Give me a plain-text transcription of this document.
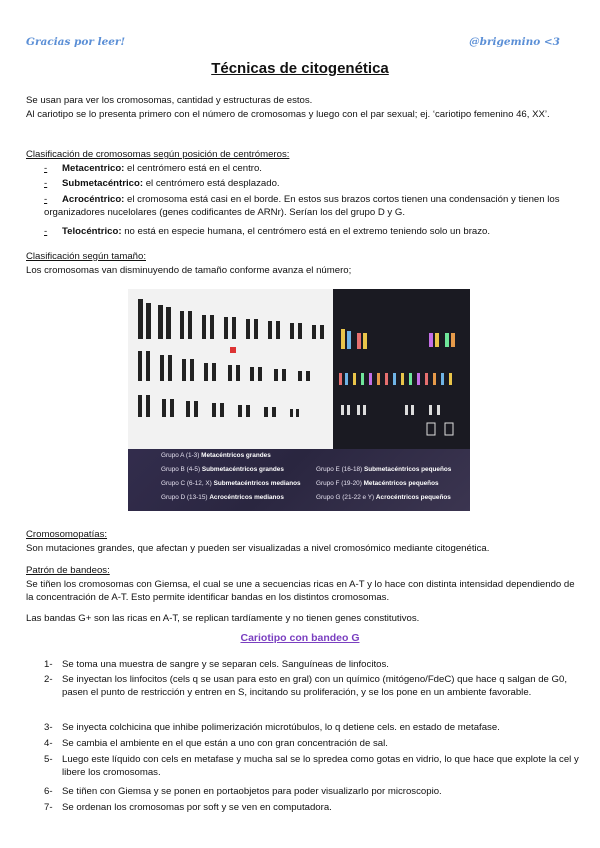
Gracias por leer!	@brigemino <3
Técnicas de citogenética
Se usan para ver los cromosomas, cantidad y estructuras de estos.
Al cariotipo se lo presenta primero con el número de cromosomas y luego con el par sexual; ej. ‘cariotipo femenino 46, XX’.
Clasificación de cromosomas según posición de centrómeros:
- Metacentrico: el centrómero está en el centro.
- Submetacéntrico: el centrómero está desplazado.
- Acrocéntrico: el cromosoma está casi en el borde. En estos sus brazos cortos tienen una condensación y tienen los organizadores nucelolares (genes codificantes de ARNr). Serían los del grupo D y G.
- Telocéntrico: no está en especie humana, el centrómero está en el extremo teniendo solo un brazo.
Clasificación según tamaño:
Los cromosomas van disminuyendo de tamaño conforme avanza el número;
Grupo A (1-3) Metacéntricos grandes
Grupo B (4-5) Submetacéntricos grandes
Grupo C (6-12, X) Submetacéntricos medianos
Grupo D (13-15) Acrocéntricos medianos
Grupo E (16-18) Submetacéntricos pequeños
Grupo F (19-20) Metacéntricos pequeños
Grupo G (21-22 e Y) Acrocéntricos pequeños
Cromosomopatías:
Son mutaciones grandes, que afectan y pueden ser visualizadas a nivel cromosómico mediante citogenética.
Patrón de bandeos:
Se tiñen los cromosomas con Giemsa, el cual se une a secuencias ricas en A-T y lo hace con distinta intensidad dependiendo de la concentración de A-T. Esto permite identificar bandas en los distintos cromosomas.
Las bandas G+ son las ricas en A-T, se replican tardíamente y no tienen genes constitutivos.
Cariotipo con bandeo G
1- Se toma una muestra de sangre y se separan cels. Sanguíneas de linfocitos.
2- Se inyectan los linfocitos (cels q se usan para esto en gral) con un químico (mitógeno/FdeC) que hace q salgan de G0, pasen el punto de restricción y entren en S, incitando su proliferación, y se los pone en un ambiente favorable.
3- Se inyecta colchicina que inhibe polimerización microtúbulos, lo q detiene cels. en estado de metafase.
4- Se cambia el ambiente en el que están a uno con gran concentración de sal.
5- Luego este líquido con cels en metafase y mucha sal se lo spredea como gotas en vidrio, lo que hace que explote la cel y libere los cromosomas.
6- Se tiñen con Giemsa y se ponen en portaobjetos para poder visualizarlo por microscopio.
7- Se ordenan los cromosomas por soft y se ven en computadora.
